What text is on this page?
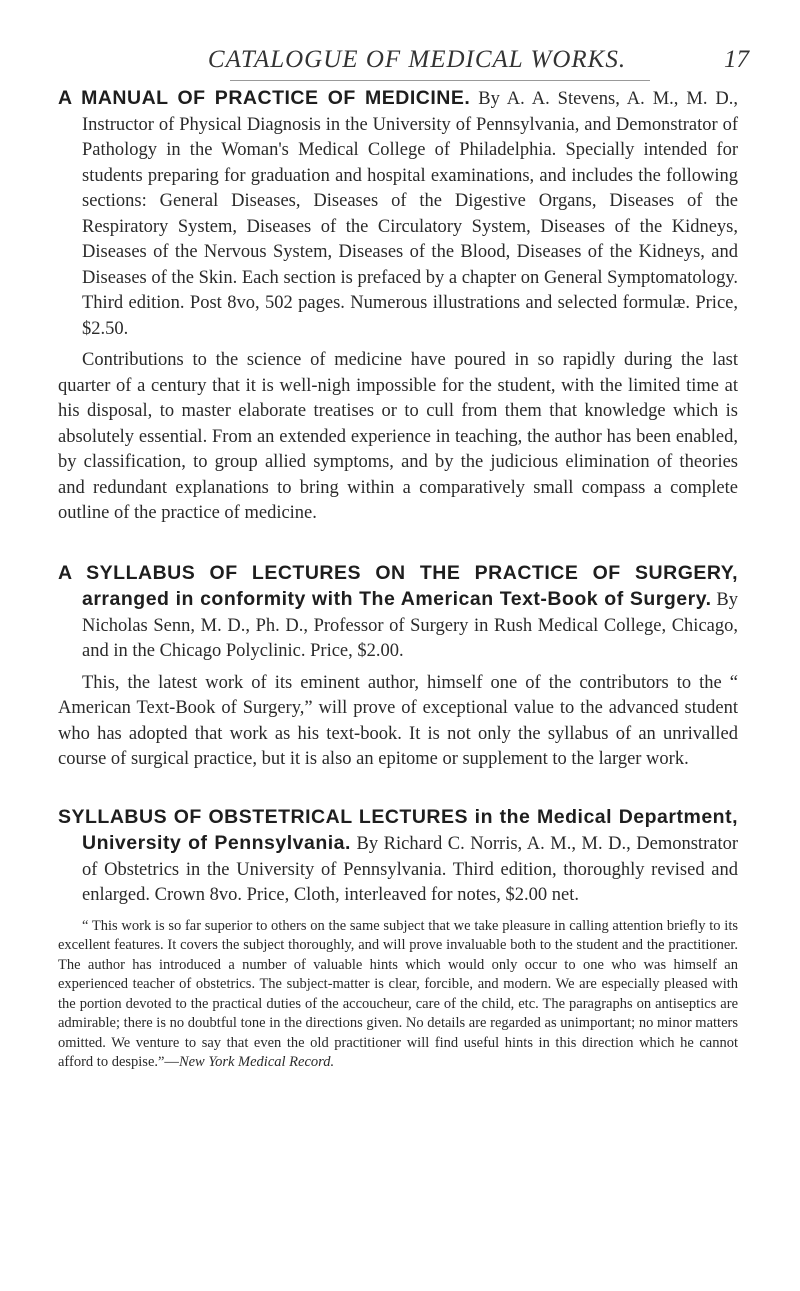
CATALOGUE OF MEDICAL WORKS.	17

A MANUAL OF PRACTICE OF MEDICINE. By A. A. Stevens, A. M., M. D., Instructor of Physical Diagnosis in the University of Pennsylvania, and Demonstrator of Pathology in the Woman's Medical College of Philadelphia. Specially intended for students preparing for graduation and hospital examinations, and includes the following sections: General Diseases, Diseases of the Digestive Organs, Diseases of the Respiratory System, Diseases of the Circulatory System, Diseases of the Kidneys, Diseases of the Nervous System, Diseases of the Blood, Diseases of the Kidneys, and Diseases of the Skin. Each section is prefaced by a chapter on General Symptomatology. Third edition. Post 8vo, 502 pages. Numerous illustrations and selected formulæ. Price, $2.50.

Contributions to the science of medicine have poured in so rapidly during the last quarter of a century that it is well-nigh impossible for the student, with the limited time at his disposal, to master elaborate treatises or to cull from them that knowledge which is absolutely essential. From an extended experience in teaching, the author has been enabled, by classification, to group allied symptoms, and by the judicious elimination of theories and redundant explanations to bring within a comparatively small compass a complete outline of the practice of medicine.

A SYLLABUS OF LECTURES ON THE PRACTICE OF SURGERY, arranged in conformity with The American Text-Book of Surgery. By Nicholas Senn, M. D., Ph. D., Professor of Surgery in Rush Medical College, Chicago, and in the Chicago Polyclinic. Price, $2.00.

This, the latest work of its eminent author, himself one of the contributors to the “ American Text-Book of Surgery,” will prove of exceptional value to the advanced student who has adopted that work as his text-book. It is not only the syllabus of an unrivalled course of surgical practice, but it is also an epitome or supplement to the larger work.

SYLLABUS OF OBSTETRICAL LECTURES in the Medical Department, University of Pennsylvania. By Richard C. Norris, A. M., M. D., Demonstrator of Obstetrics in the University of Pennsylvania. Third edition, thoroughly revised and enlarged. Crown 8vo. Price, Cloth, interleaved for notes, $2.00 net.

“ This work is so far superior to others on the same subject that we take pleasure in calling attention briefly to its excellent features. It covers the subject thoroughly, and will prove invaluable both to the student and the practitioner. The author has introduced a number of valuable hints which would only occur to one who was himself an experienced teacher of obstetrics. The subject-matter is clear, forcible, and modern. We are especially pleased with the portion devoted to the practical duties of the accoucheur, care of the child, etc. The paragraphs on antiseptics are admirable; there is no doubtful tone in the directions given. No details are regarded as unimportant; no minor matters omitted. We venture to say that even the old practitioner will find useful hints in this direction which he cannot afford to despise.”—New York Medical Record.
